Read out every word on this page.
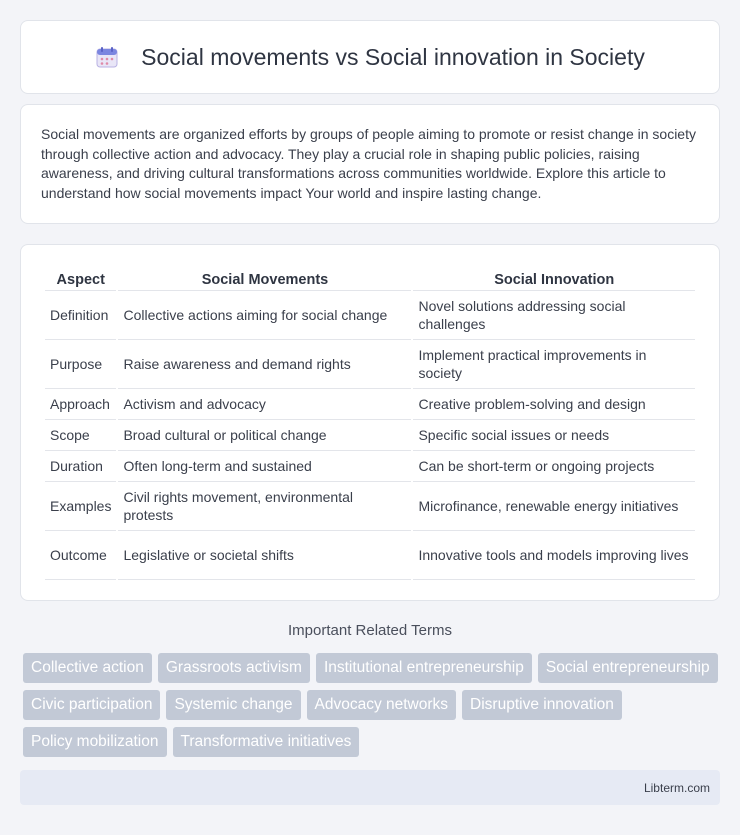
Social movements vs Social innovation in Society

Social movements are organized efforts by groups of people aiming to promote or resist change in society through collective action and advocacy. They play a crucial role in shaping public policies, raising awareness, and driving cultural transformations across communities worldwide. Explore this article to understand how social movements impact Your world and inspire lasting change.

Aspect	Social Movements	Social Innovation
Definition	Collective actions aiming for social change	Novel solutions addressing social challenges
Purpose	Raise awareness and demand rights	Implement practical improvements in society
Approach	Activism and advocacy	Creative problem-solving and design
Scope	Broad cultural or political change	Specific social issues or needs
Duration	Often long-term and sustained	Can be short-term or ongoing projects
Examples	Civil rights movement, environmental protests	Microfinance, renewable energy initiatives
Outcome	Legislative or societal shifts	Innovative tools and models improving lives
Important Related Terms
Collective action	Grassroots activism	Institutional entrepreneurship	Social entrepreneurship
Civic participation	Systemic change	Advocacy networks	Disruptive innovation
Policy mobilization	Transformative initiatives
Libterm.com
